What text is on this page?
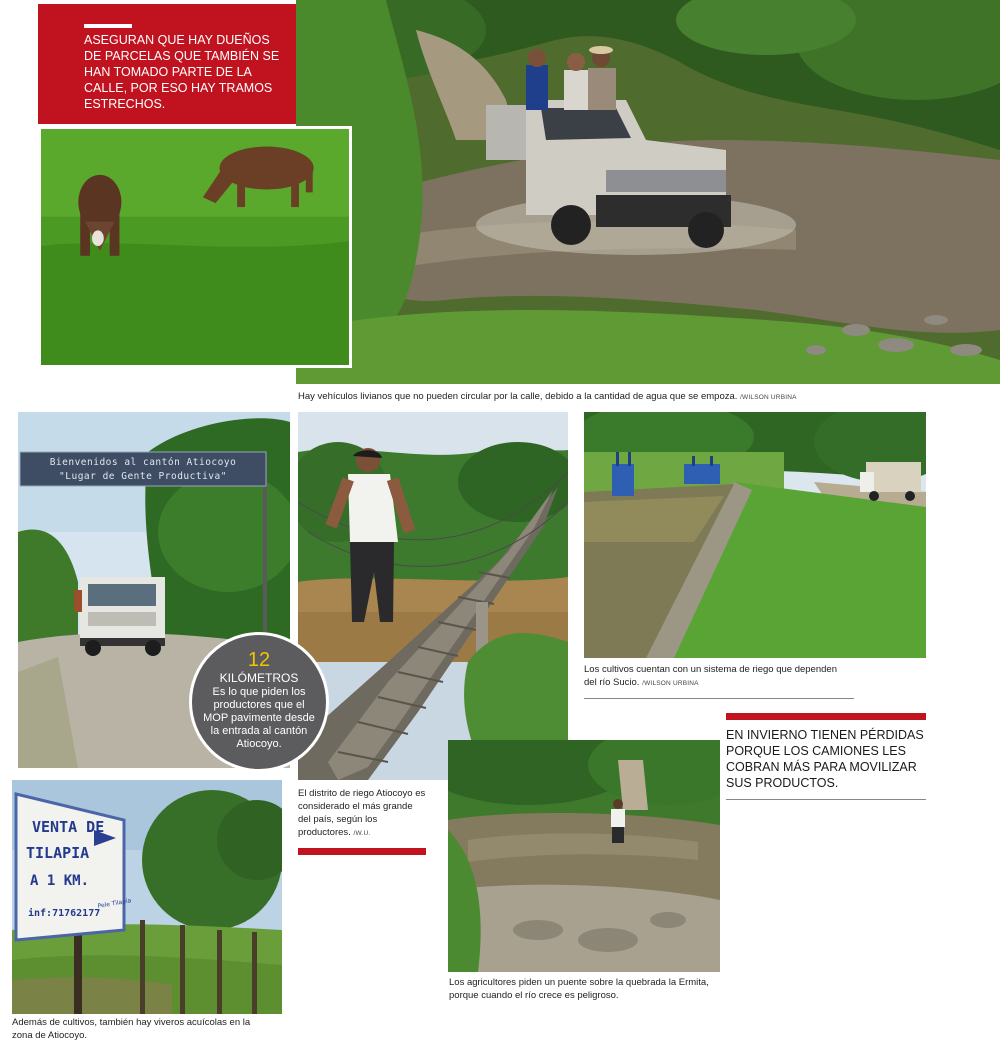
ASEGURAN QUE HAY DUEÑOS DE PARCELAS QUE TAMBIÉN SE HAN TOMADO PARTE DE LA CALLE, POR ESO HAY TRAMOS ESTRECHOS.
Hay vehículos livianos que no pueden circular por la calle, debido a la cantidad de agua que se empoza. /WILSON URBINA
Bienvenidos al cantón Atiocoyo
"Lugar de Gente Productiva"
12
KILÓMETROS
Es lo que piden los productores que el MOP pavimente desde la entrada al cantón Atiocoyo.
El distrito de riego Atiocoyo es considerado el más grande del país, según los productores. /W.U.
Los cultivos cuentan con un sistema de riego que dependen del río Sucio. /WILSON URBINA
EN INVIERNO TIENEN PÉRDIDAS PORQUE LOS CAMIONES LES COBRAN MÁS PARA MOVILIZAR SUS PRODUCTOS.
Los agricultores piden un puente sobre la quebrada la Ermita, porque cuando el río crece es peligroso.
VENTA DE
TILAPIA
A 1 KM.
inf:71762177
Pele Tilapia
Además de cultivos, también hay viveros acuícolas en la zona de Atiocoyo.
